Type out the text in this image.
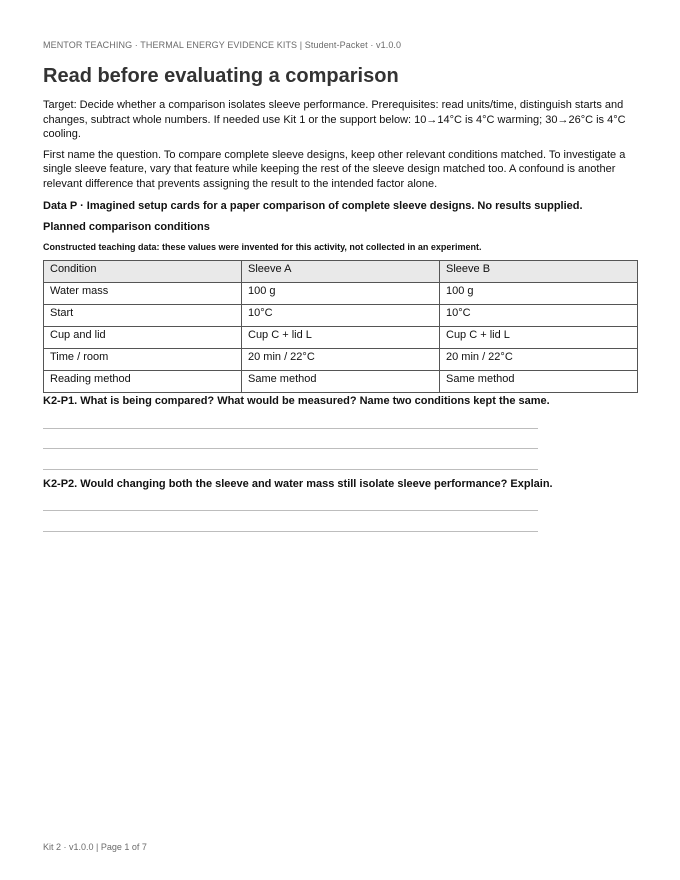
MENTOR TEACHING · THERMAL ENERGY EVIDENCE KITS | Student-Packet · v1.0.0
Read before evaluating a comparison

Target: Decide whether a comparison isolates sleeve performance. Prerequisites: read units/time, distinguish starts and changes, subtract whole numbers. If needed use Kit 1 or the support below: 10→14°C is 4°C warming; 30→26°C is 4°C cooling.

First name the question. To compare complete sleeve designs, keep other relevant conditions matched. To investigate a single sleeve feature, vary that feature while keeping the rest of the sleeve design matched too. A confound is another relevant difference that prevents assigning the result to the intended factor alone.

Data P · Imagined setup cards for a paper comparison of complete sleeve designs. No results supplied.

Planned comparison conditions

Constructed teaching data: these values were invented for this activity, not collected in an experiment.

Condition	Sleeve A	Sleeve B
Water mass	100 g	100 g
Start	10°C	10°C
Cup and lid	Cup C + lid L	Cup C + lid L
Time / room	20 min / 22°C	20 min / 22°C
Reading method	Same method	Same method

K2-P1. What is being compared? What would be measured? Name two conditions kept the same.

K2-P2. Would changing both the sleeve and water mass still isolate sleeve performance? Explain.

Kit 2 · v1.0.0 | Page 1 of 7
